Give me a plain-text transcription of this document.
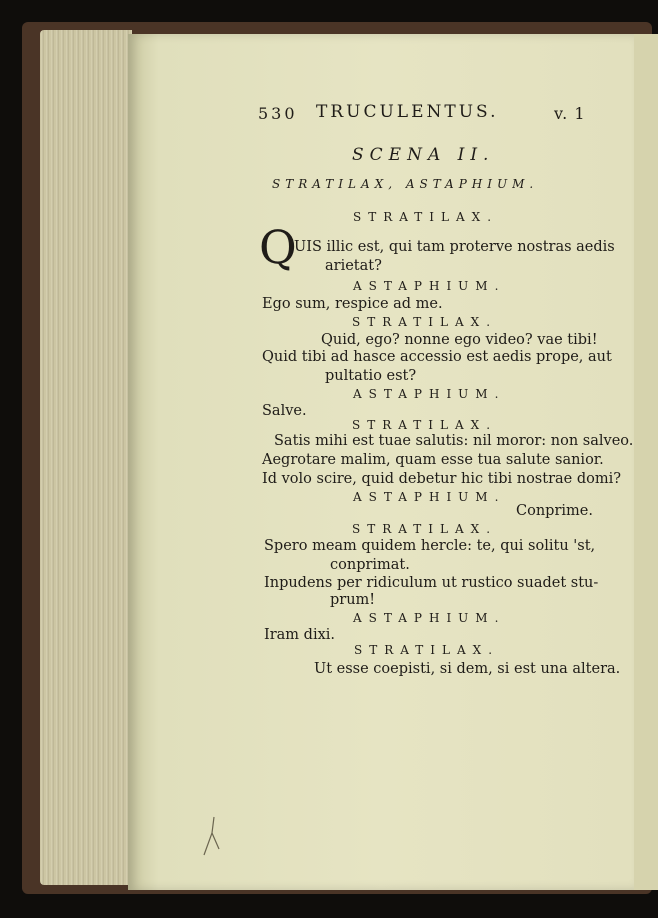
530 TRUCULENTUS.	v. 1
SCENA II.
STRATILAX, ASTAPHIUM.
STRATILAX.
Q
UIS illic est, qui tam proterve nostras aedis
arietat?
ASTAPHIUM.
Ego sum, respice ad me.
STRATILAX.
Quid, ego? nonne ego video? vae tibi!
Quid tibi ad hasce accessio est aedis prope, aut
pultatio est?
ASTAPHIUM.
Salve.
STRATILAX.
Satis mihi est tuae salutis: nil moror: non salveo.
Aegrotare malim, quam esse tua salute sanior.
Id volo scire, quid debetur hic tibi nostrae domi?
ASTAPHIUM.
Conprime.
STRATILAX.
Spero meam quidem hercle: te, qui solitu 'st,
conprimat.
Inpudens per ridiculum ut rustico suadet stu-
prum!
ASTAPHIUM.
Iram dixi.
STRATILAX.
Ut esse coepisti, si dem, si est una altera.
